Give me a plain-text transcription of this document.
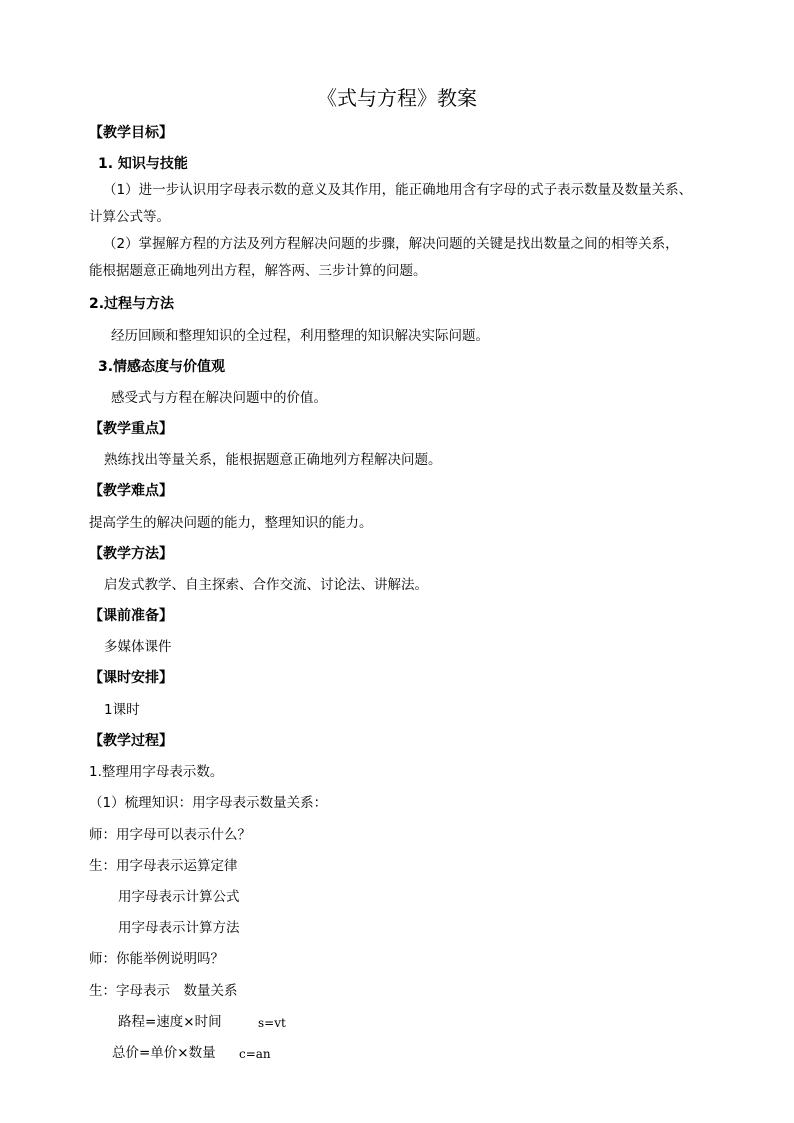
《式与方程》教案
【教学目标】
1. 知识与技能
（1）进一步认识用字母表示数的意义及其作用，能正确地用含有字母的式子表示数量及数量关系、
计算公式等。
（2）掌握解方程的方法及列方程解决问题的步骤，解决问题的关键是找出数量之间的相等关系，
能根据题意正确地列出方程，解答两、三步计算的问题。
2.过程与方法
经历回顾和整理知识的全过程，利用整理的知识解决实际问题。
3.情感态度与价值观
感受式与方程在解决问题中的价值。
【教学重点】
熟练找出等量关系，能根据题意正确地列方程解决问题。
【教学难点】
提高学生的解决问题的能力，整理知识的能力。
【教学方法】
启发式教学、自主探索、合作交流、讨论法、讲解法。
【课前准备】
多媒体课件
【课时安排】
1课时
【教学过程】
1.整理用字母表示数。
（1）梳理知识：用字母表示数量关系：
师：用字母可以表示什么？
生：用字母表示运算定律
用字母表示计算公式
用字母表示计算方法
师：你能举例说明吗？
生：字母表示　数量关系
路程=速度×时间	s=vt
总价=单价×数量 c=an
